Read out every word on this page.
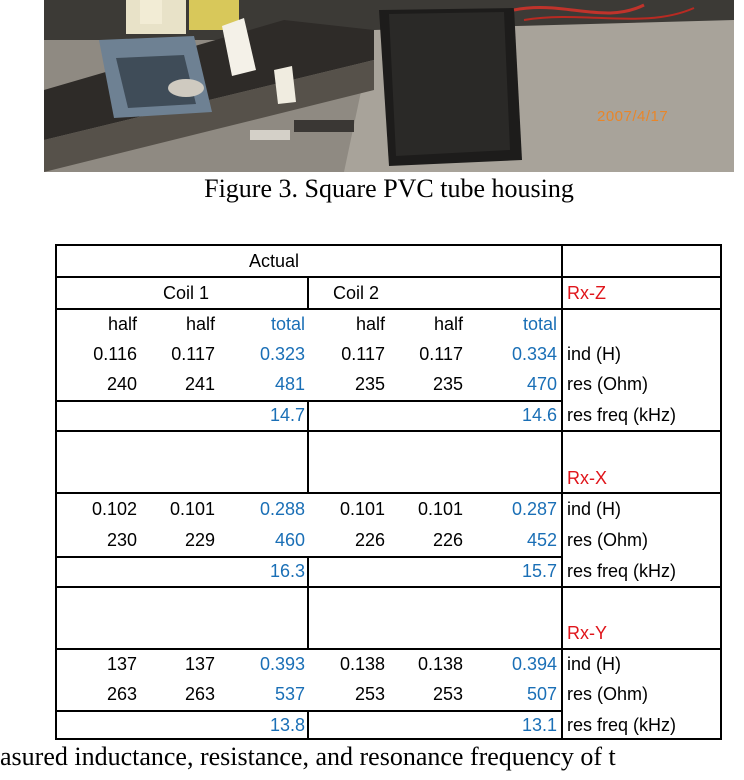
2007/4/17
Figure 3. Square PVC tube housing
Actual
Coil 1	Coil 2	Rx-Z
half	half	total	half	half	total
0.116	0.117	0.323	0.117	0.117	0.334 ind (H)
240	241	481	235	235	470 res (Ohm)
14.7	14.6 res freq (kHz)
Rx-X
0.102	0.101	0.288	0.101	0.101	0.287 ind (H)
230	229	460	226	226	452 res (Ohm)
16.3	15.7 res freq (kHz)
Rx-Y
137	137	0.393	0.138	0.138	0.394 ind (H)
263	263	537	253	253	507 res (Ohm)
13.8	13.1 res freq (kHz)
asured inductance, resistance, and resonance frequency of t
